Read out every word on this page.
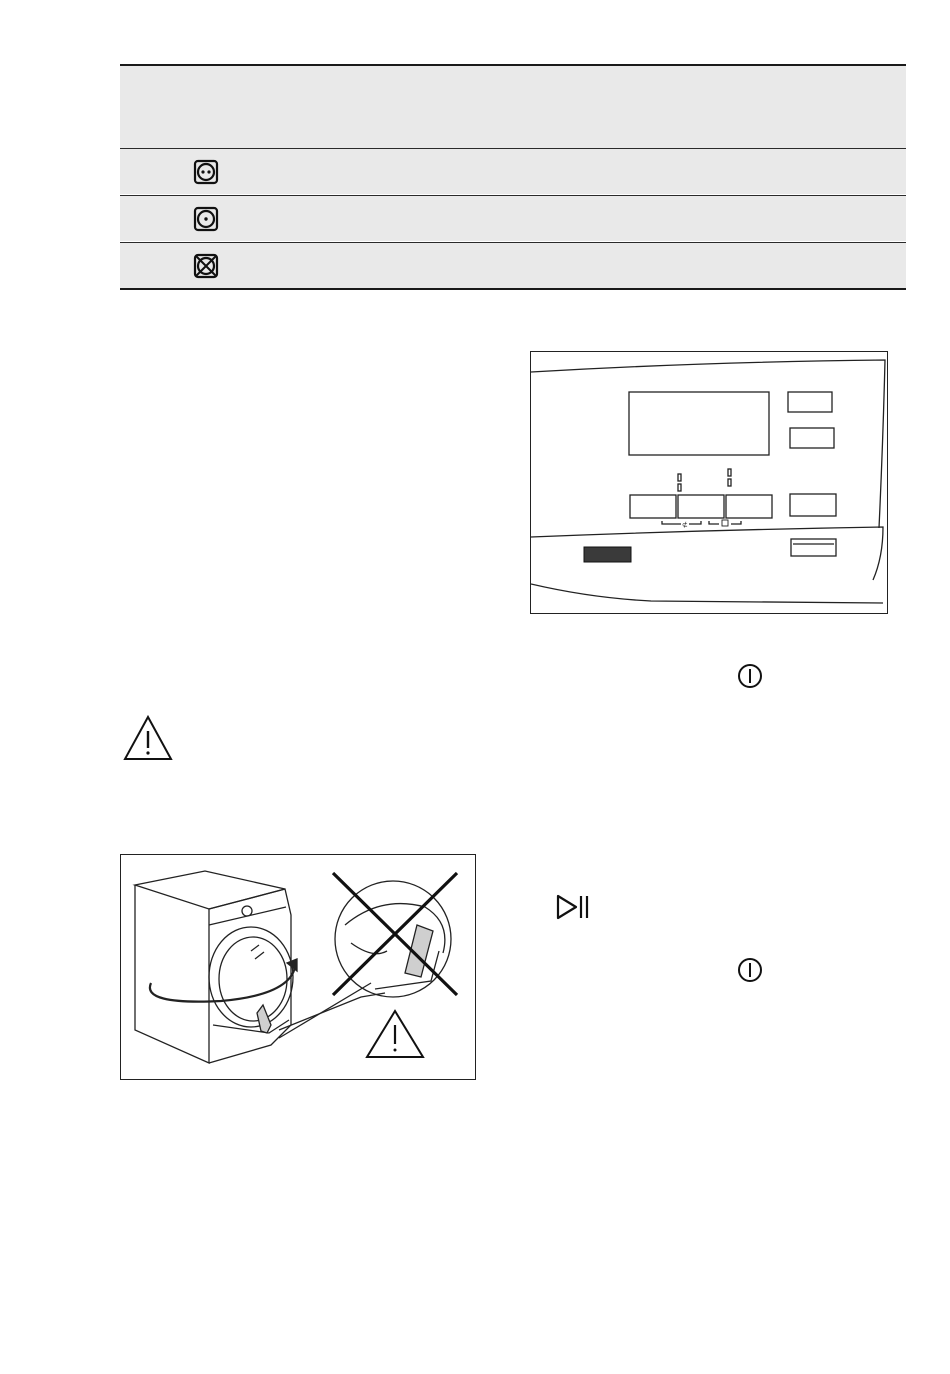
⊄
